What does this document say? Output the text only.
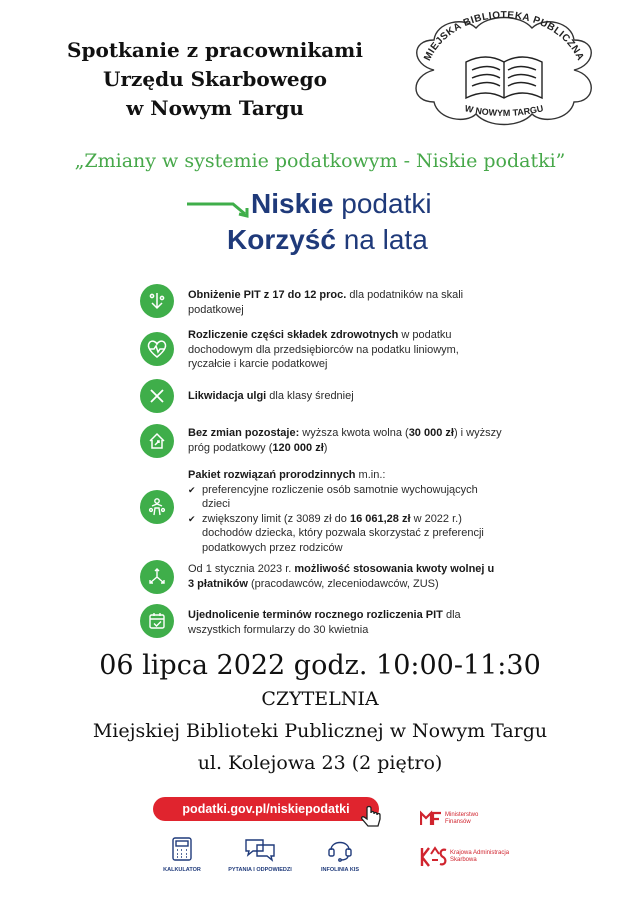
Spotkanie z pracownikami
Urzędu Skarbowego
w Nowym Targu
MIEJSKA BIBLIOTEKA PUBLICZNA
W NOWYM TARGU
„Zmiany w systemie podatkowym - Niskie podatki”
Niskie podatki
Korzyść na lata
Obniżenie PIT z 17 do 12 proc. dla podatników na skali podatkowej
Rozliczenie części składek zdrowotnych w podatku dochodowym dla przedsiębiorców na podatku liniowym, ryczałcie i karcie podatkowej
Likwidacja ulgi dla klasy średniej
Bez zmian pozostaje: wyższa kwota wolna (30 000 zł) i wyższy próg podatkowy (120 000 zł)
Pakiet rozwiązań prorodzinnych m.in.:
✔ preferencyjne rozliczenie osób samotnie wychowujących dzieci
✔ zwiększony limit (z 3089 zł do 16 061,28 zł w 2022 r.) dochodów dziecka, który pozwala skorzystać z preferencji podatkowych przez rodziców
Od 1 stycznia 2023 r. możliwość stosowania kwoty wolnej u 3 płatników (pracodawców, zleceniodawców, ZUS)
Ujednolicenie terminów rocznego rozliczenia PIT dla wszystkich formularzy do 30 kwietnia
06 lipca 2022 godz. 10:00-11:30
CZYTELNIA
Miejskiej Biblioteki Publicznej w Nowym Targu
ul. Kolejowa 23 (2 piętro)
podatki.gov.pl/niskiepodatki
KALKULATOR	PYTANIA I ODPOWIEDZI	INFOLINIA KIS
Ministerstwo
Finansów
Krajowa Administracja
Skarbowa
